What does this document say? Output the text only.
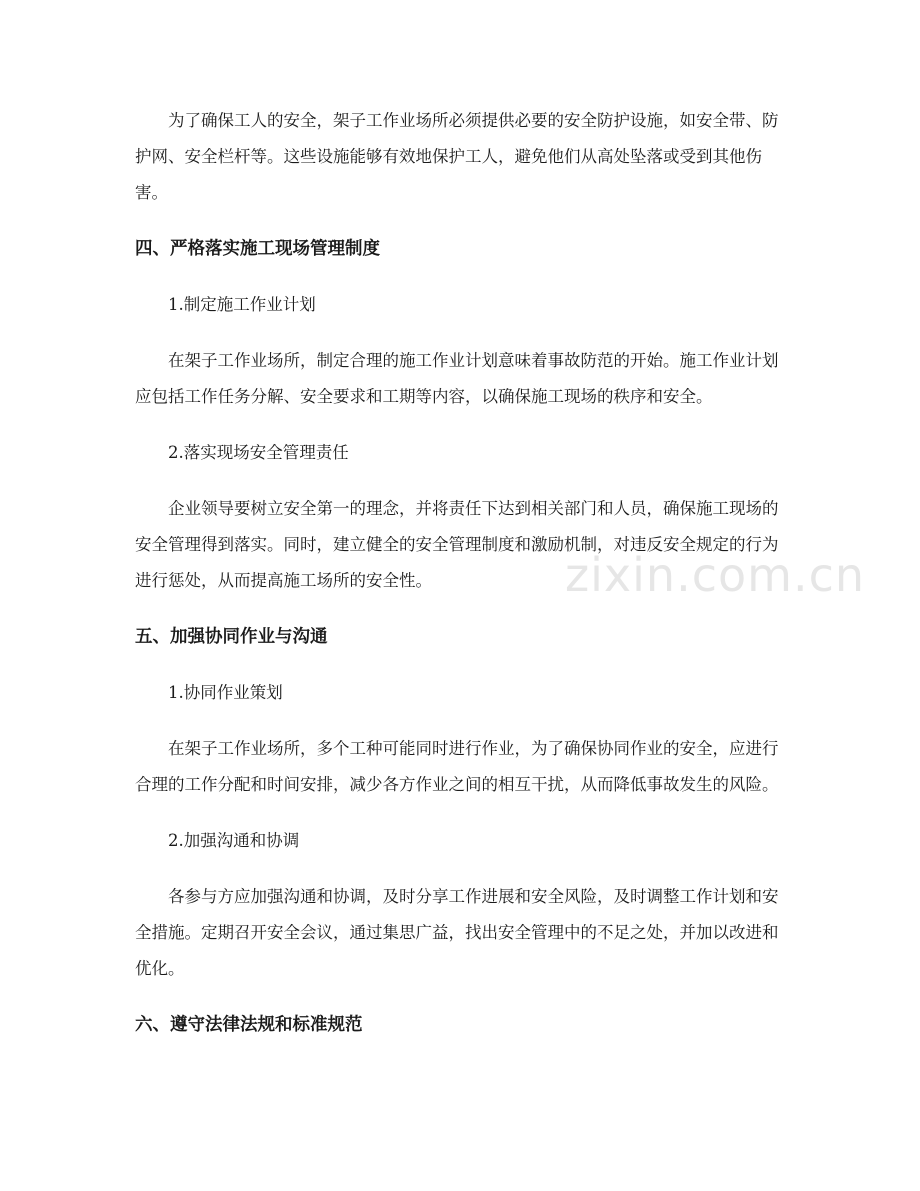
zixin.com.cn

为了确保工人的安全，架子工作业场所必须提供必要的安全防护设施，如安全带、防护网、安全栏杆等。这些设施能够有效地保护工人，避免他们从高处坠落或受到其他伤害。

四、严格落实施工现场管理制度

1.制定施工作业计划

在架子工作业场所，制定合理的施工作业计划意味着事故防范的开始。施工作业计划应包括工作任务分解、安全要求和工期等内容，以确保施工现场的秩序和安全。

2.落实现场安全管理责任

企业领导要树立安全第一的理念，并将责任下达到相关部门和人员，确保施工现场的安全管理得到落实。同时，建立健全的安全管理制度和激励机制，对违反安全规定的行为进行惩处，从而提高施工场所的安全性。

五、加强协同作业与沟通

1.协同作业策划

在架子工作业场所，多个工种可能同时进行作业，为了确保协同作业的安全，应进行合理的工作分配和时间安排，减少各方作业之间的相互干扰，从而降低事故发生的风险。

2.加强沟通和协调

各参与方应加强沟通和协调，及时分享工作进展和安全风险，及时调整工作计划和安全措施。定期召开安全会议，通过集思广益，找出安全管理中的不足之处，并加以改进和优化。

六、遵守法律法规和标准规范
